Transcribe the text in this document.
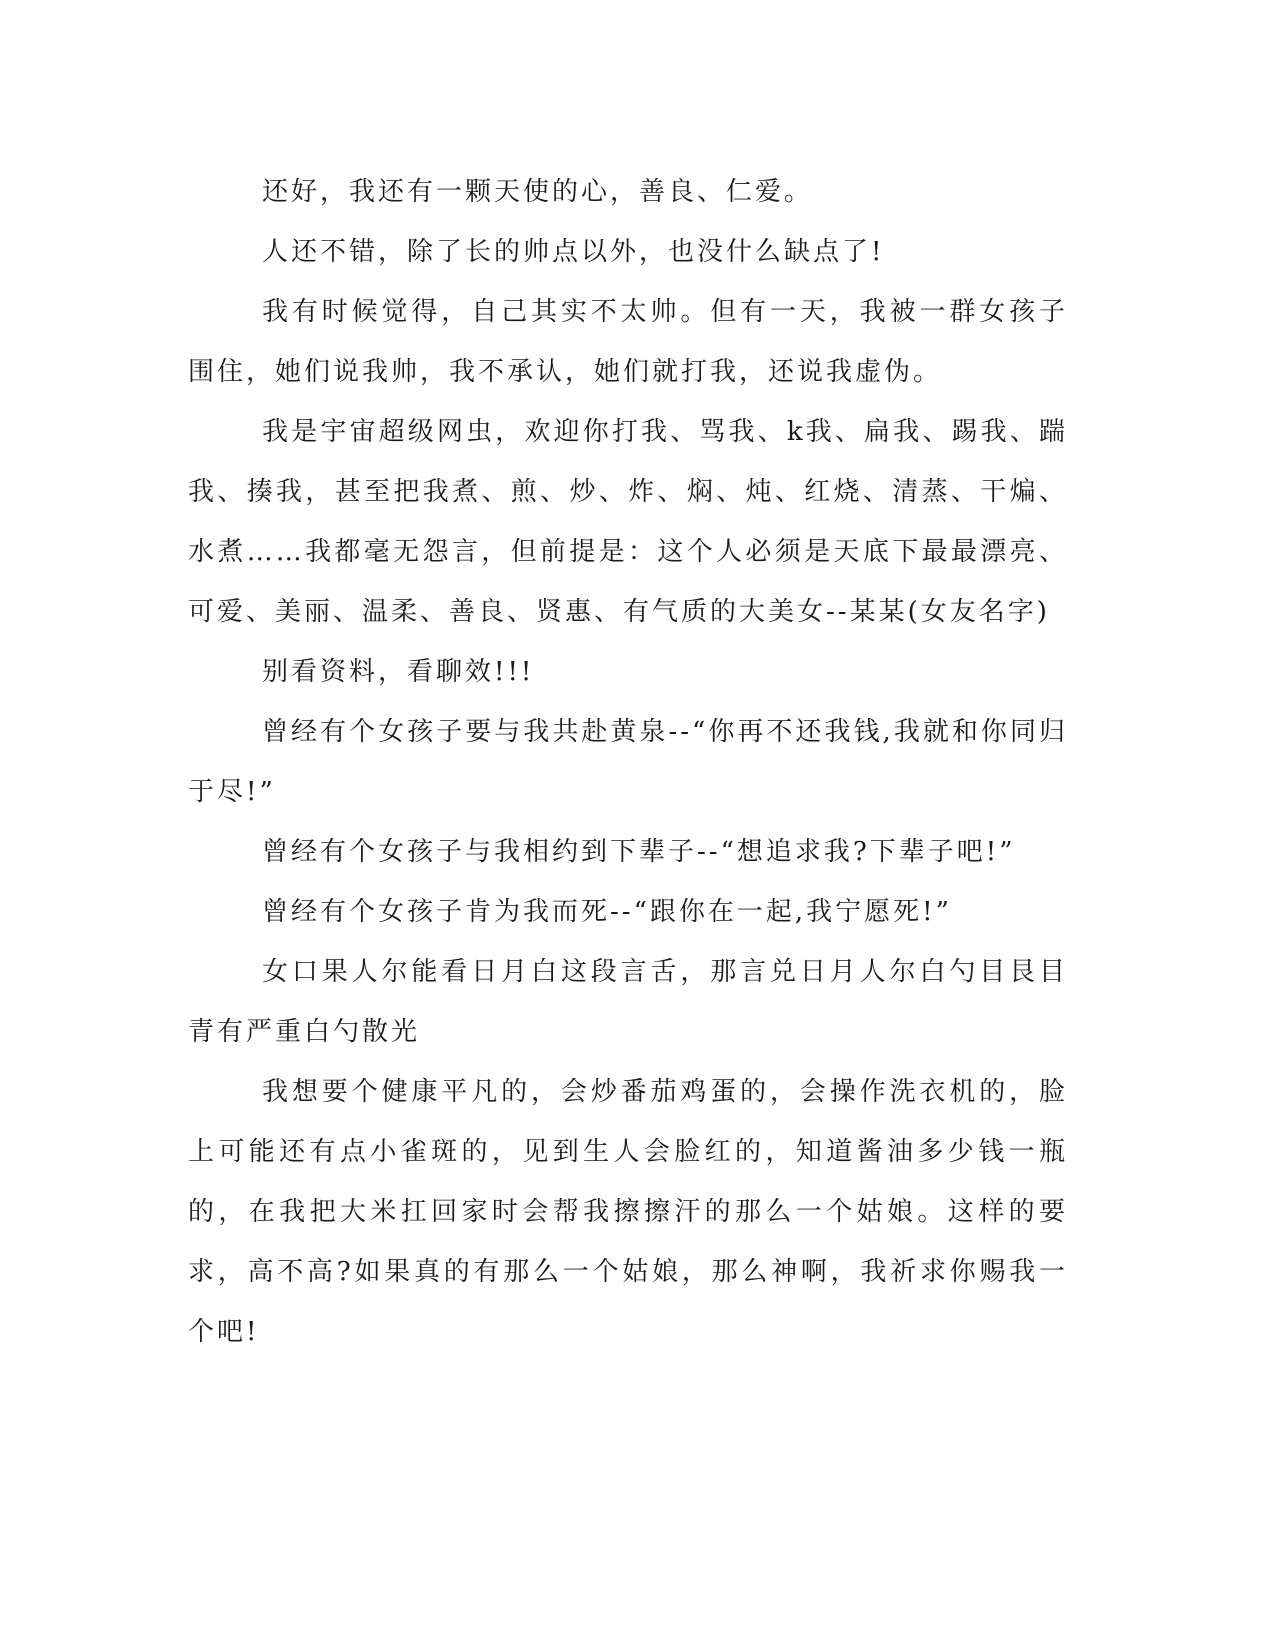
还好，我还有一颗天使的心，善良、仁爱。

人还不错，除了长的帅点以外，也没什么缺点了!

我有时候觉得，自己其实不太帅。但有一天，我被一群女孩子围住，她们说我帅，我不承认，她们就打我，还说我虚伪。

我是宇宙超级网虫，欢迎你打我、骂我、k我、扁我、踢我、踹我、揍我，甚至把我煮、煎、炒、炸、焖、炖、红烧、清蒸、干煸、水煮……我都毫无怨言，但前提是：这个人必须是天底下最最漂亮、可爱、美丽、温柔、善良、贤惠、有气质的大美女--某某(女友名字)

别看资料，看聊效!!!

曾经有个女孩子要与我共赴黄泉--“你再不还我钱,我就和你同归于尽!”

曾经有个女孩子与我相约到下辈子--“想追求我?下辈子吧!”

曾经有个女孩子肯为我而死--“跟你在一起,我宁愿死!”

女口果人尔能看日月白这段言舌，那言兑日月人尔白勺目艮目青有严重白勺散光

我想要个健康平凡的，会炒番茄鸡蛋的，会操作洗衣机的，脸上可能还有点小雀斑的，见到生人会脸红的，知道酱油多少钱一瓶的，在我把大米扛回家时会帮我擦擦汗的那么一个姑娘。这样的要求，高不高?如果真的有那么一个姑娘，那么神啊，我祈求你赐我一个吧!
